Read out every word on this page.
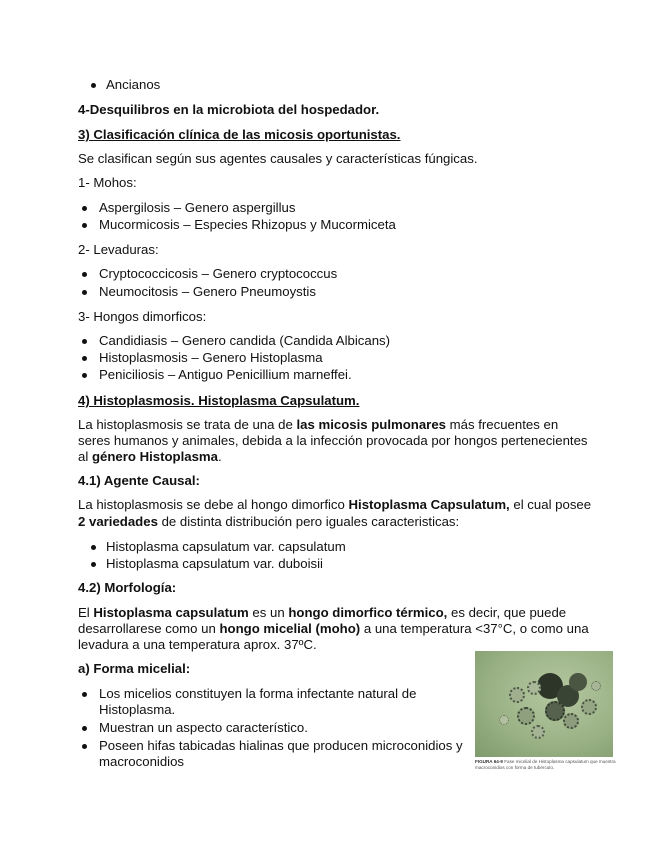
Ancianos
4-Desquilibros en la microbiota del hospedador.
3) Clasificación clínica de las micosis oportunistas.
Se clasifican según sus agentes causales y características fúngicas.
1- Mohos:
Aspergilosis – Genero aspergillus
Mucormicosis – Especies Rhizopus y Mucormiceta
2- Levaduras:
Cryptococcicosis – Genero cryptococcus
Neumocitosis – Genero Pneumoystis
3- Hongos dimorficos:
Candidiasis – Genero candida (Candida Albicans)
Histoplasmosis – Genero Histoplasma
Peniciliosis – Antiguo Penicillium marneffei.
4) Histoplasmosis. Histoplasma Capsulatum.
La histoplasmosis se trata de una de las micosis pulmonares más frecuentes en
seres humanos y animales, debida a la infección provocada por hongos pertenecientes
al género Histoplasma.
4.1) Agente Causal:
La histoplasmosis se debe al hongo dimorfico Histoplasma Capsulatum, el cual posee
2 variedades de distinta distribución pero iguales caracteristicas:
Histoplasma capsulatum var. capsulatum
Histoplasma capsulatum var. duboisii
4.2) Morfología:
El Histoplasma capsulatum es un hongo dimorfico térmico, es decir, que puede
desarrollarese como un hongo micelial (moho) a una temperatura <37°C, o como una
levadura a una temperatura aprox. 37ºC.
a) Forma micelial:
Los micelios constituyen la forma infectante natural de
Histoplasma.
Muestran un aspecto característico.
Poseen hifas tabicadas hialinas que producen microconidios y
macroconidios	FIGURA 64-9 Fase micelial de Histoplasma capsulatum que muestra macroconidios con forma de tubérculo.
